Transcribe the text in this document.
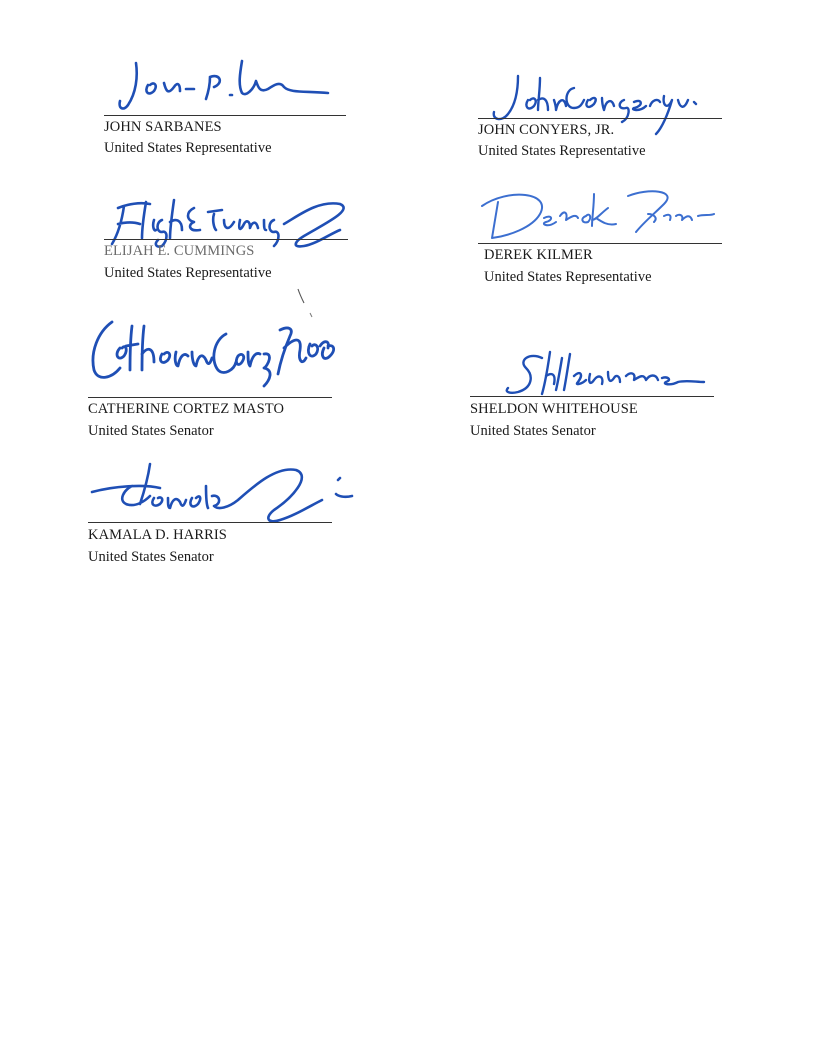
JOHN SARBANES
United States Representative
JOHN CONYERS, JR.
United States Representative
ELIJAH E. CUMMINGS
United States Representative
DEREK KILMER
United States Representative
CATHERINE CORTEZ MASTO
United States Senator
SHELDON WHITEHOUSE
United States Senator
KAMALA D. HARRIS
United States Senator
